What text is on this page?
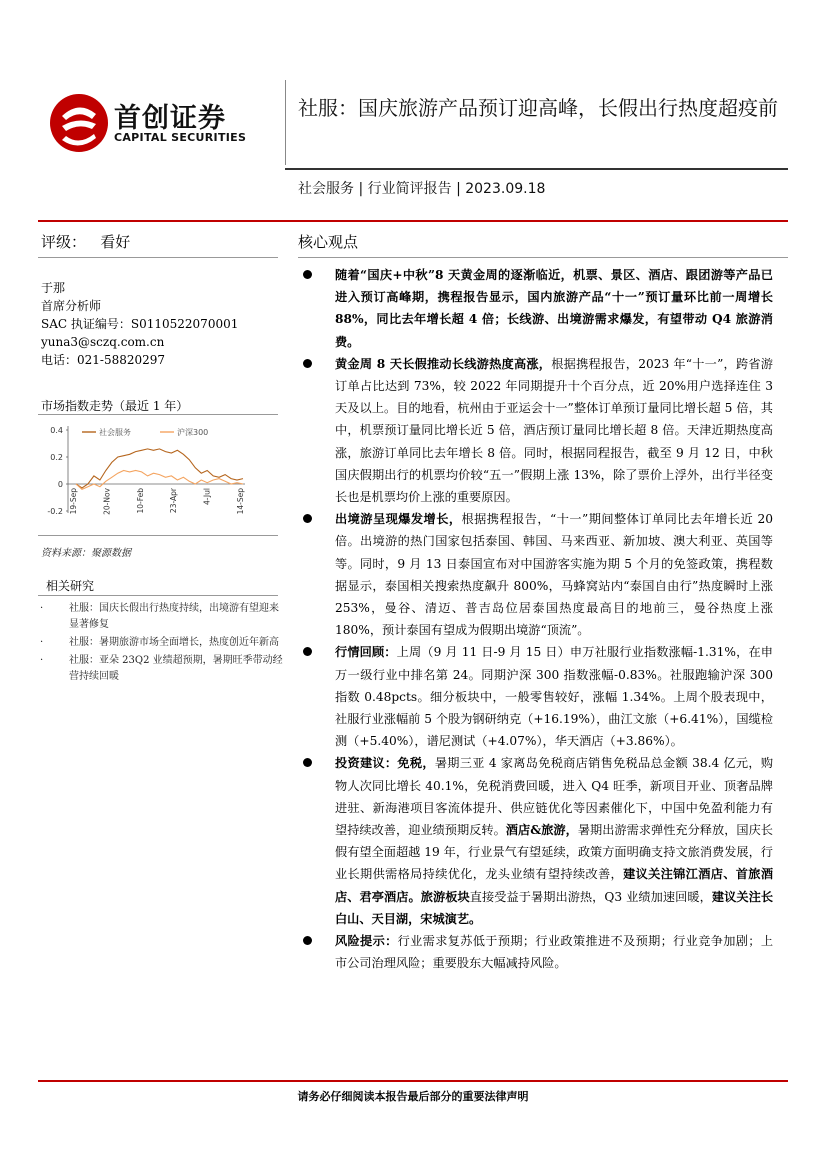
首创证券
CAPITAL SECURITIES
社服：国庆旅游产品预订迎高峰，长假出行热度超疫前
社会服务 | 行业简评报告 | 2023.09.18
评级：   看好	核心观点
于那
首席分析师
SAC 执证编号：S0110522070001
yuna3@sczq.com.cn
电话：021-58820297
市场指数走势（最近 1 年）
0.4
0.2
0
-0.2 19-Sep	20-Nov	10-Feb	23-Apr	4-Jul	14-Sep
社会服务	沪深300
资料来源：聚源数据
相关研究
·	社服：国庆长假出行热度持续，出境游有望迎来显著修复
·	社服：暑期旅游市场全面增长，热度创近年新高
·	社服：亚朵 23Q2 业绩超预期，暑期旺季带动经营持续回暖
随着“国庆+中秋”8 天黄金周的逐渐临近，机票、景区、酒店、跟团游等产品已进入预订高峰期，携程报告显示，国内旅游产品“十一”预订量环比前一周增长 88%，同比去年增长超 4 倍；长线游、出境游需求爆发，有望带动 Q4 旅游消费。
黄金周 8 天长假推动长线游热度高涨，根据携程报告，2023 年“十一”，跨省游订单占比达到 73%，较 2022 年同期提升十个百分点，近 20%用户选择连住 3 天及以上。目的地看，杭州由于亚运会十一”整体订单预订量同比增长超 5 倍，其中，机票预订量同比增长近 5 倍，酒店预订量同比增长超 8 倍。天津近期热度高涨，旅游订单同比去年增长 8 倍。同时，根据同程报告，截至 9 月 12 日，中秋国庆假期出行的机票均价较“五一”假期上涨 13%，除了票价上浮外，出行半径变长也是机票均价上涨的重要原因。
出境游呈现爆发增长，根据携程报告，“十一”期间整体订单同比去年增长近 20 倍。出境游的热门国家包括泰国、韩国、马来西亚、新加坡、澳大利亚、英国等等。同时，9 月 13 日泰国宣布对中国游客实施为期 5 个月的免签政策，携程数据显示，泰国相关搜索热度飙升 800%，马蜂窝站内“泰国自由行”热度瞬时上涨 253%，曼谷、清迈、普吉岛位居泰国热度最高目的地前三，曼谷热度上涨 180%，预计泰国有望成为假期出境游“顶流”。
行情回顾：上周（9 月 11 日-9 月 15 日）申万社服行业指数涨幅-1.31%，在申万一级行业中排名第 24。同期沪深 300 指数涨幅-0.83%。社服跑输沪深 300 指数 0.48pcts。细分板块中，一般零售较好，涨幅 1.34%。上周个股表现中，社服行业涨幅前 5 个股为钢研纳克（+16.19%），曲江文旅（+6.41%），国缆检测（+5.40%），谱尼测试（+4.07%），华天酒店（+3.86%）。
投资建议：免税，暑期三亚 4 家离岛免税商店销售免税品总金额 38.4 亿元，购物人次同比增长 40.1%，免税消费回暖，进入 Q4 旺季，新项目开业、顶奢品牌进驻、新海港项目客流体提升、供应链优化等因素催化下，中国中免盈利能力有望持续改善，迎业绩预期反转。酒店&旅游，暑期出游需求弹性充分释放，国庆长假有望全面超越 19 年，行业景气有望延续，政策方面明确支持文旅消费发展，行业长期供需格局持续优化，龙头业绩有望持续改善，建议关注锦江酒店、首旅酒店、君亭酒店。旅游板块直接受益于暑期出游热，Q3 业绩加速回暖，建议关注长白山、天目湖，宋城演艺。
风险提示：行业需求复苏低于预期；行业政策推进不及预期；行业竞争加剧；上市公司治理风险；重要股东大幅减持风险。
请务必仔细阅读本报告最后部分的重要法律声明
